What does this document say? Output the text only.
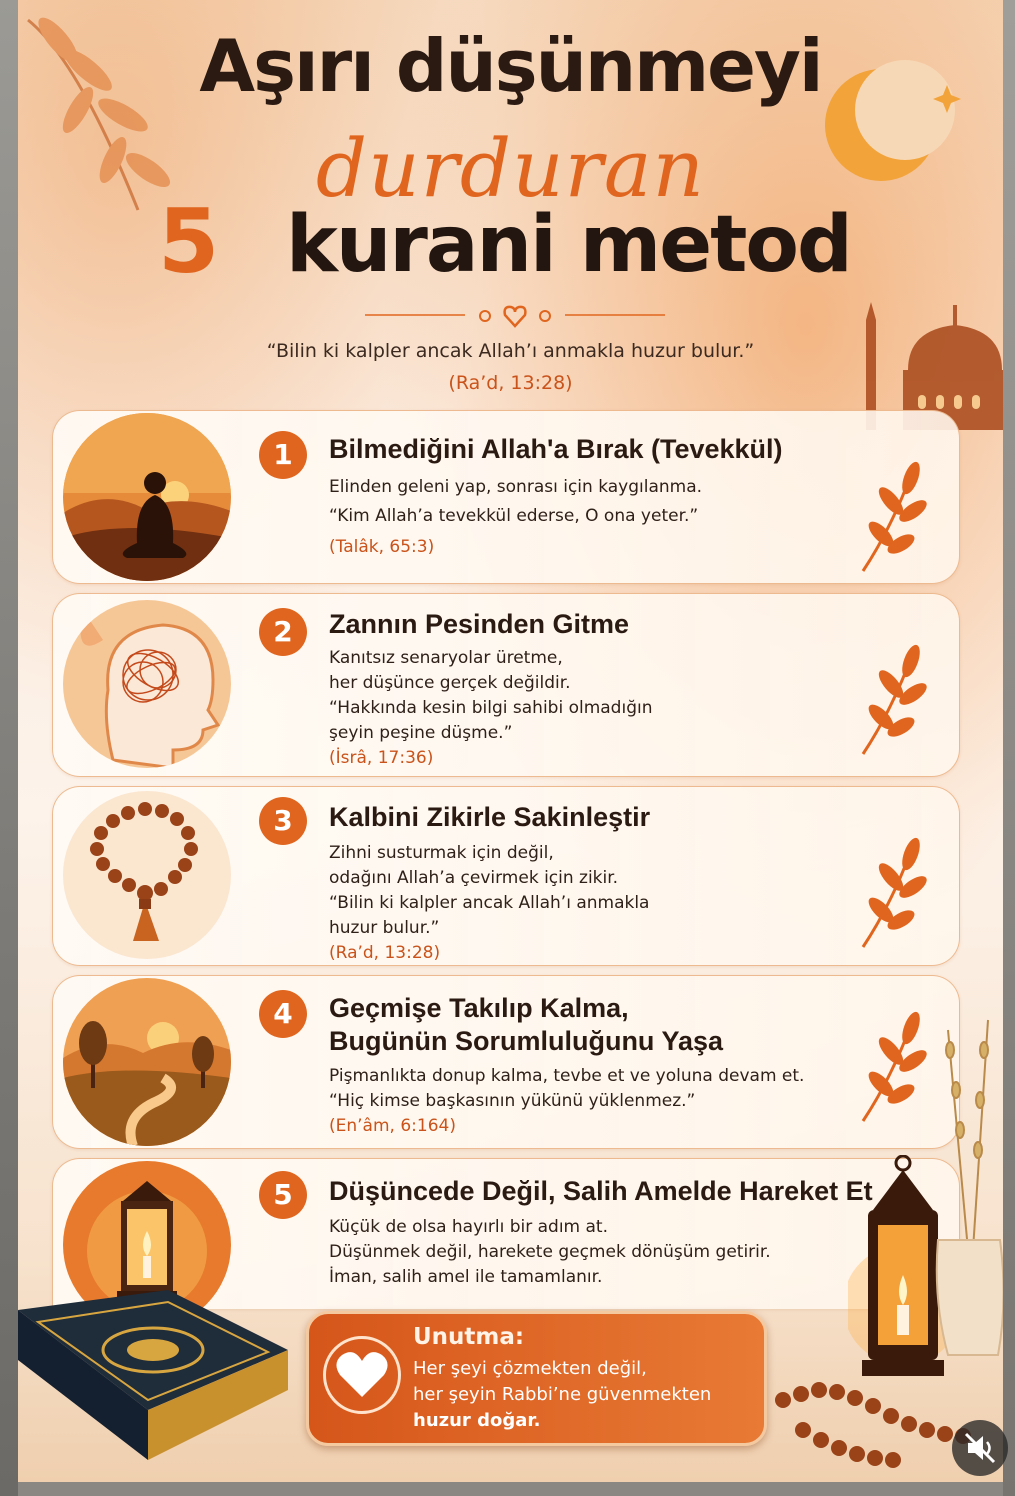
Aşırı düşünmeyi
durduran
5 kurani metod
“Bilin ki kalpler ancak Allah’ı anmakla huzur bulur.”
(Ra’d, 13:28)
1	Bilmediğini Allah'a Bırak (Tevekkül)
Elinden geleni yap, sonrası için kaygılanma.
“Kim Allah’a tevekkül ederse, O ona yeter.”
(Talâk, 65:3)
2	Zannın Pesinden Gitme
Kanıtsız senaryolar üretme,
her düşünce gerçek değildir.
“Hakkında kesin bilgi sahibi olmadığın
şeyin peşine düşme.”
(İsrâ, 17:36)
3	Kalbini Zikirle Sakinleştir
Zihni susturmak için değil,
odağını Allah’a çevirmek için zikir.
“Bilin ki kalpler ancak Allah’ı anmakla
huzur bulur.”
(Ra’d, 13:28)
4	Geçmişe Takılıp Kalma,
Bugünün Sorumluluğunu Yaşa
Pişmanlıkta donup kalma, tevbe et ve yoluna devam et.
“Hiç kimse başkasının yükünü yüklenmez.”
(En’âm, 6:164)
5	Düşüncede Değil, Salih Amelde Hareket Et
Küçük de olsa hayırlı bir adım at.
Düşünmek değil, harekete geçmek dönüşüm getirir.
İman, salih amel ile tamamlanır.
Unutma:
Her şeyi çözmekten değil,
her şeyin Rabbi’ne güvenmekten
huzur doğar.
